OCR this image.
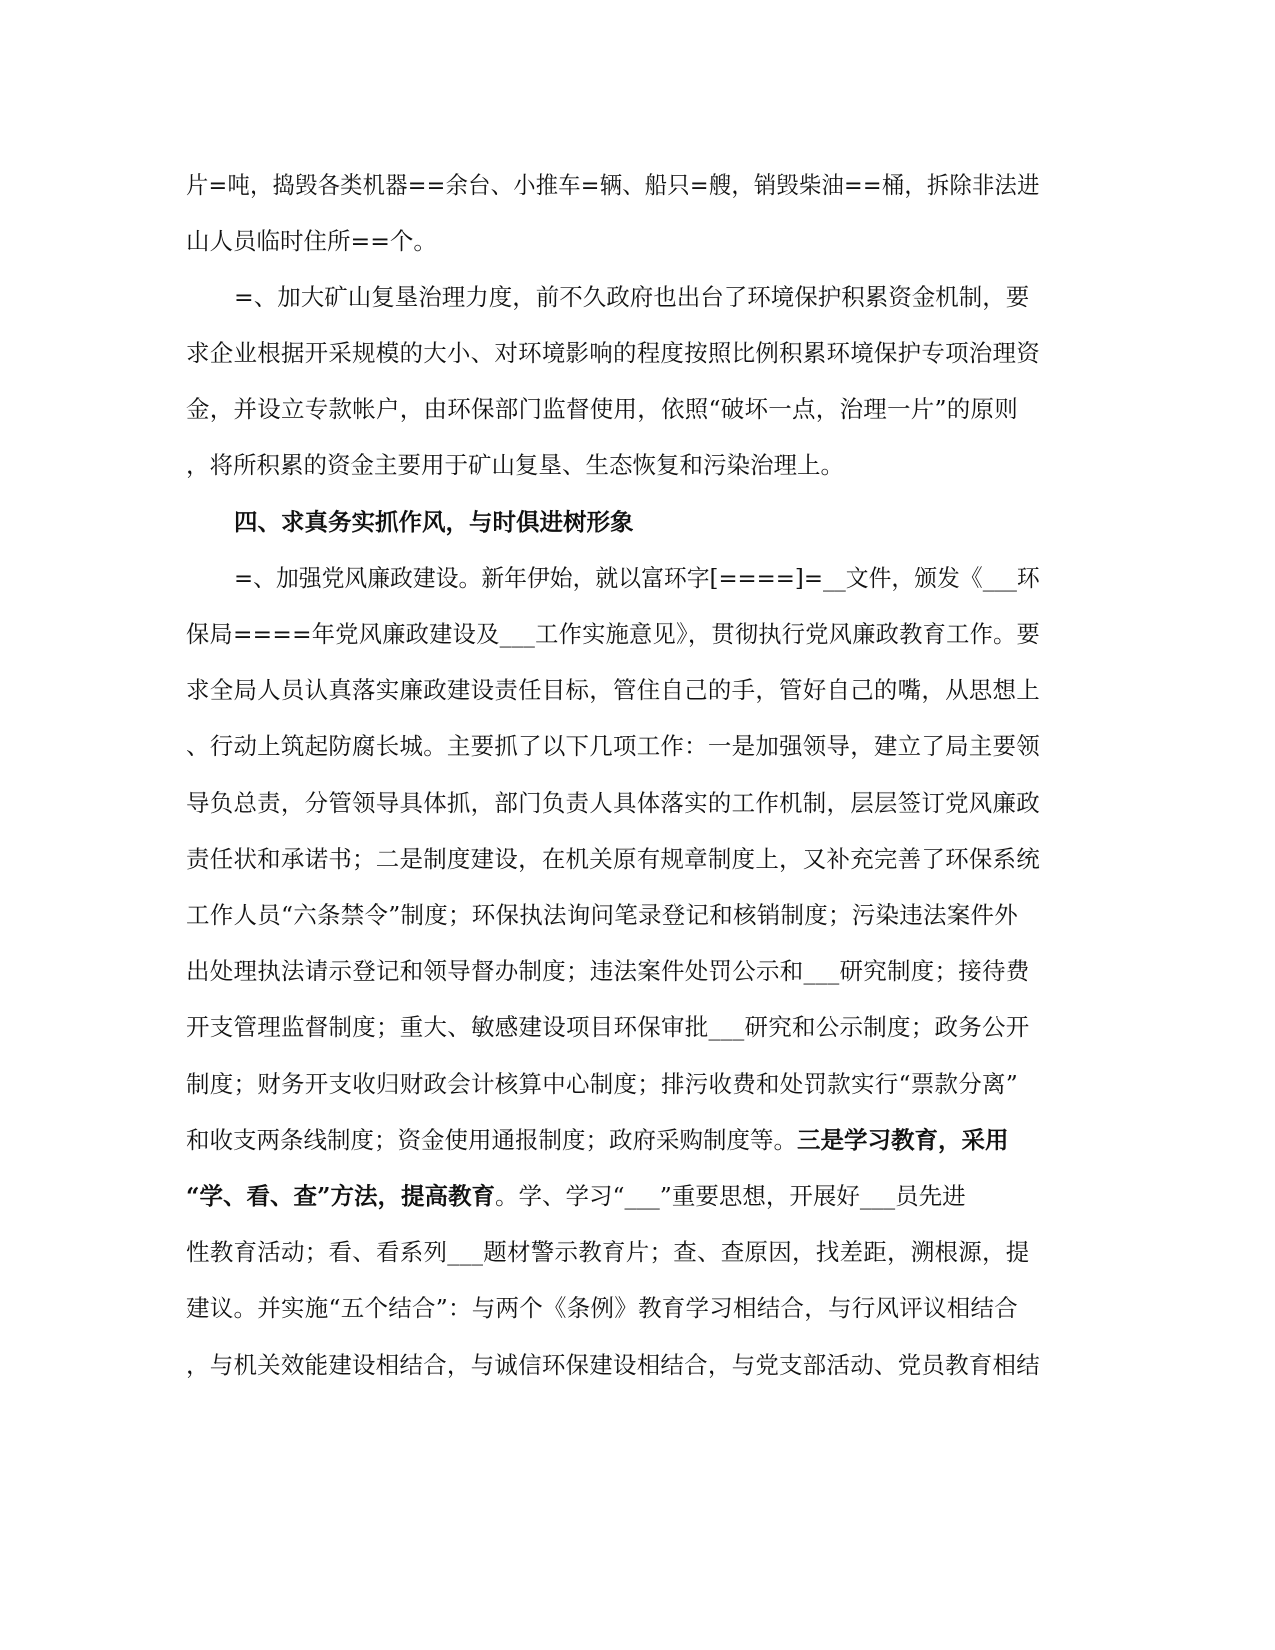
片=吨，捣毁各类机器==余台、小推车=辆、船只=艘，销毁柴油==桶，拆除非法进
山人员临时住所==个。
=、加大矿山复垦治理力度，前不久政府也出台了环境保护积累资金机制，要
求企业根据开采规模的大小、对环境影响的程度按照比例积累环境保护专项治理资
金，并设立专款帐户，由环保部门监督使用，依照“破坏一点，治理一片”的原则
，将所积累的资金主要用于矿山复垦、生态恢复和污染治理上。
四、求真务实抓作风，与时俱进树形象
=、加强党风廉政建设。新年伊始，就以富环字[====]=__文件，颁发《___环
保局====年党风廉政建设及___工作实施意见》，贯彻执行党风廉政教育工作。要
求全局人员认真落实廉政建设责任目标，管住自己的手，管好自己的嘴，从思想上
、行动上筑起防腐长城。主要抓了以下几项工作：一是加强领导，建立了局主要领
导负总责，分管领导具体抓，部门负责人具体落实的工作机制，层层签订党风廉政
责任状和承诺书；二是制度建设，在机关原有规章制度上，又补充完善了环保系统
工作人员“六条禁令”制度；环保执法询问笔录登记和核销制度；污染违法案件外
出处理执法请示登记和领导督办制度；违法案件处罚公示和___研究制度；接待费
开支管理监督制度；重大、敏感建设项目环保审批___研究和公示制度；政务公开
制度；财务开支收归财政会计核算中心制度；排污收费和处罚款实行“票款分离”
和收支两条线制度；资金使用通报制度；政府采购制度等。三是学习教育，采用
“学、看、查”方法，提高教育。学、学习“___”重要思想，开展好___员先进
性教育活动；看、看系列___题材警示教育片；查、查原因，找差距，溯根源，提
建议。并实施“五个结合”：与两个《条例》教育学习相结合，与行风评议相结合
，与机关效能建设相结合，与诚信环保建设相结合，与党支部活动、党员教育相结
